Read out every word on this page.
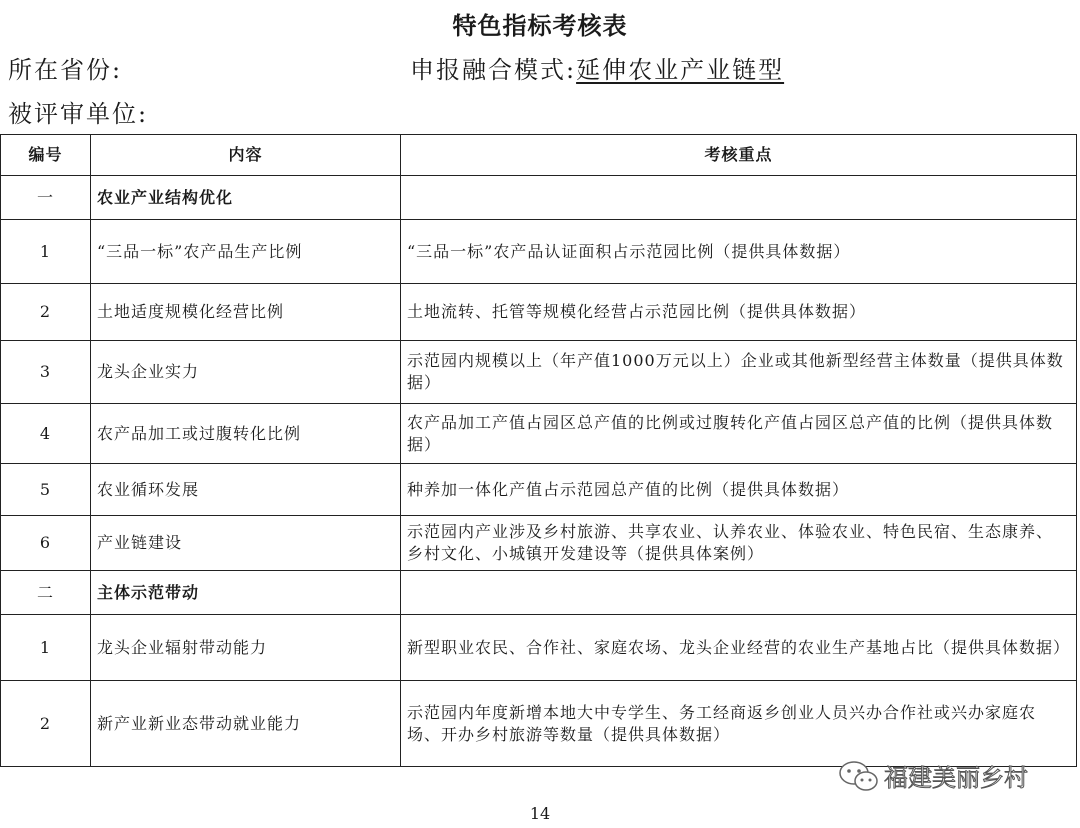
特色指标考核表
所在省份:	申报融合模式:延伸农业产业链型
被评审单位:
编号	内容	考核重点
一	农业产业结构优化	
1	“三品一标”农产品生产比例	“三品一标”农产品认证面积占示范园比例（提供具体数据）
2	土地适度规模化经营比例	土地流转、托管等规模化经营占示范园比例（提供具体数据）
3	龙头企业实力	示范园内规模以上（年产值1000万元以上）企业或其他新型经营主体数量（提供具体数据）
4	农产品加工或过腹转化比例	农产品加工产值占园区总产值的比例或过腹转化产值占园区总产值的比例（提供具体数据）
5	农业循环发展	种养加一体化产值占示范园总产值的比例（提供具体数据）
6	产业链建设	示范园内产业涉及乡村旅游、共享农业、认养农业、体验农业、特色民宿、生态康养、乡村文化、小城镇开发建设等（提供具体案例）
二	主体示范带动	
1	龙头企业辐射带动能力	新型职业农民、合作社、家庭农场、龙头企业经营的农业生产基地占比（提供具体数据）
2	新产业新业态带动就业能力	示范园内年度新增本地大中专学生、务工经商返乡创业人员兴办合作社或兴办家庭农场、开办乡村旅游等数量（提供具体数据）
福建美丽乡村
14
